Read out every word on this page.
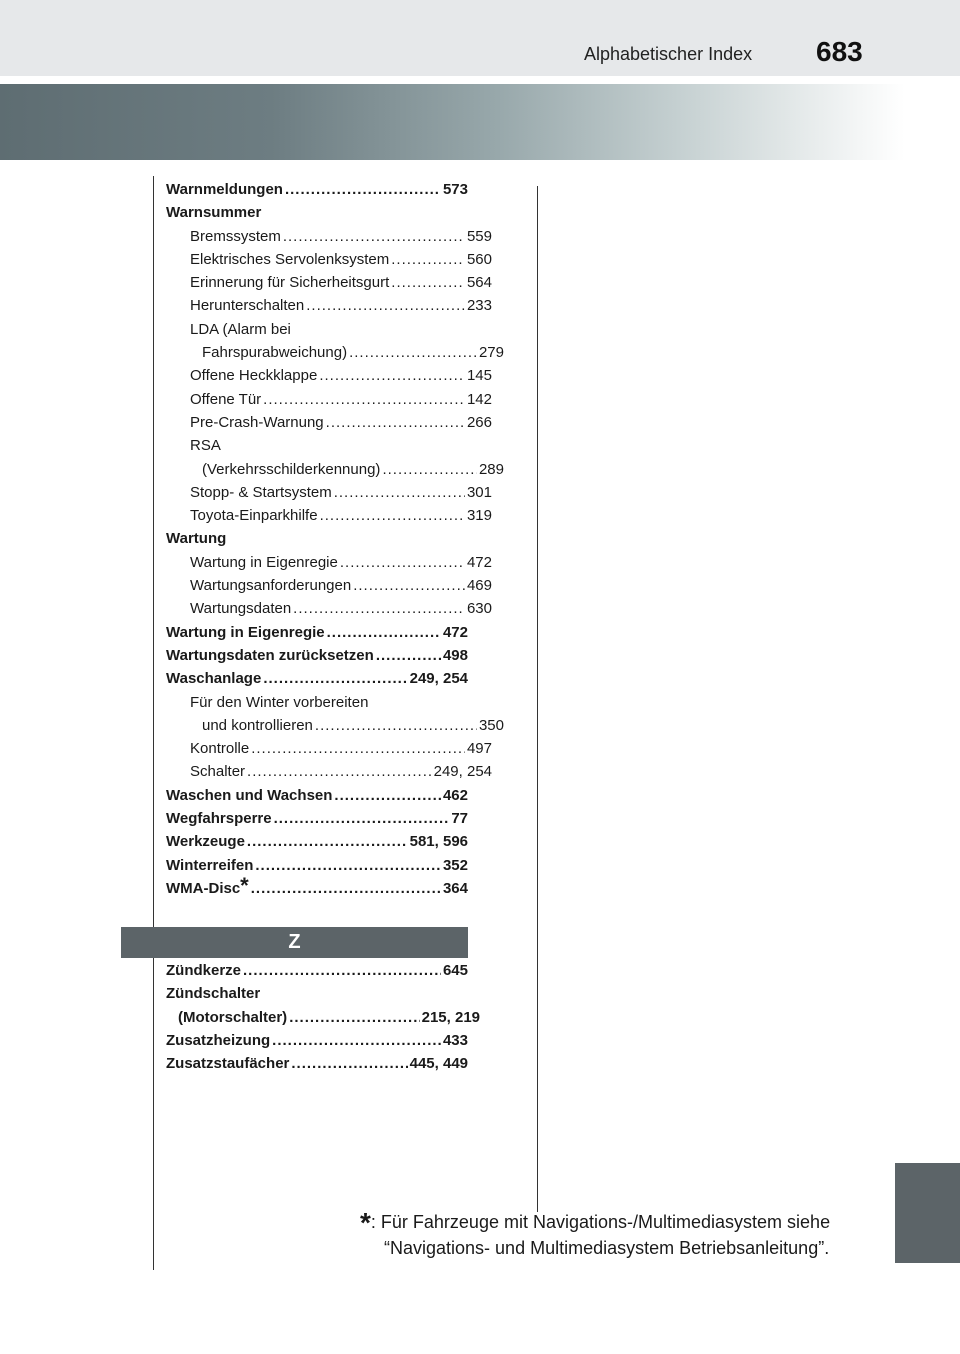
Alphabetischer Index 683
Warnmeldungen .....	573
Warnsummer
Bremssystem .....	559
Elektrisches Servolenksystem .....	560
Erinnerung für Sicherheitsgurt .....	564
Herunterschalten .....	233
LDA (Alarm bei
Fahrspurabweichung) .....	279
Offene Heckklappe .....	145
Offene Tür .....	142
Pre-Crash-Warnung .....	266
RSA
(Verkehrsschilderkennung) .....	289
Stopp- & Startsystem .....	301
Toyota-Einparkhilfe .....	319
Wartung
Wartung in Eigenregie .....	472
Wartungsanforderungen .....	469
Wartungsdaten .....	630
Wartung in Eigenregie .....	472
Wartungsdaten zurücksetzen .....	498
Waschanlage .....	249, 254
Für den Winter vorbereiten
und kontrollieren .....	350
Kontrolle .....	497
Schalter .....	249, 254
Waschen und Wachsen .....	462
Wegfahrsperre .....	77
Werkzeuge .....	581, 596
Winterreifen .....	352
WMA-Disc * .....	364
Z
Zündkerze .....	645
Zündschalter
(Motorschalter) .....	215, 219
Zusatzheizung .....	433
Zusatzstaufächer .....	445, 449
*: Für Fahrzeuge mit Navigations-/Multimediasystem siehe
“Navigations- und Multimediasystem Betriebsanleitung”.
